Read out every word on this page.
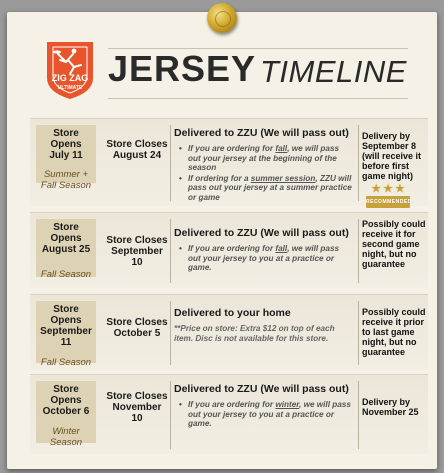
ZIG ZAG
ULTIMATE JERSEY TIMELINE
Store Opens
July 11
Summer + Fall Season
Store Closes
August 24
Delivered to ZZU (We will pass out)
• If you are ordering for fall, we will pass out your jersey at the beginning of the season
• If ordering for a summer session, ZZU will pass out your jersey at a summer practice or game
Delivery by September 8 (will receive it before first game night)
★ ★ ★
RECOMMENDED
Store Opens
August 25
Fall Season
Store Closes
September 10
Delivered to ZZU (We will pass out)
• If you are ordering for fall, we will pass out your jersey to you at a practice or game.
Possibly could receive it for second game night, but no guarantee
Store Opens
September 11
Fall Season
Store Closes
October 5
Delivered to your home
**Price on store: Extra $12 on top of each item. Disc is not available for this store.
Possibly could receive it prior to last game night, but no guarantee
Store Opens
October 6
Winter Season
Store Closes
November 10
Delivered to ZZU (We will pass out)
• If you are ordering for winter, we will pass out your jersey to you at a practice or game.
Delivery by November 25
